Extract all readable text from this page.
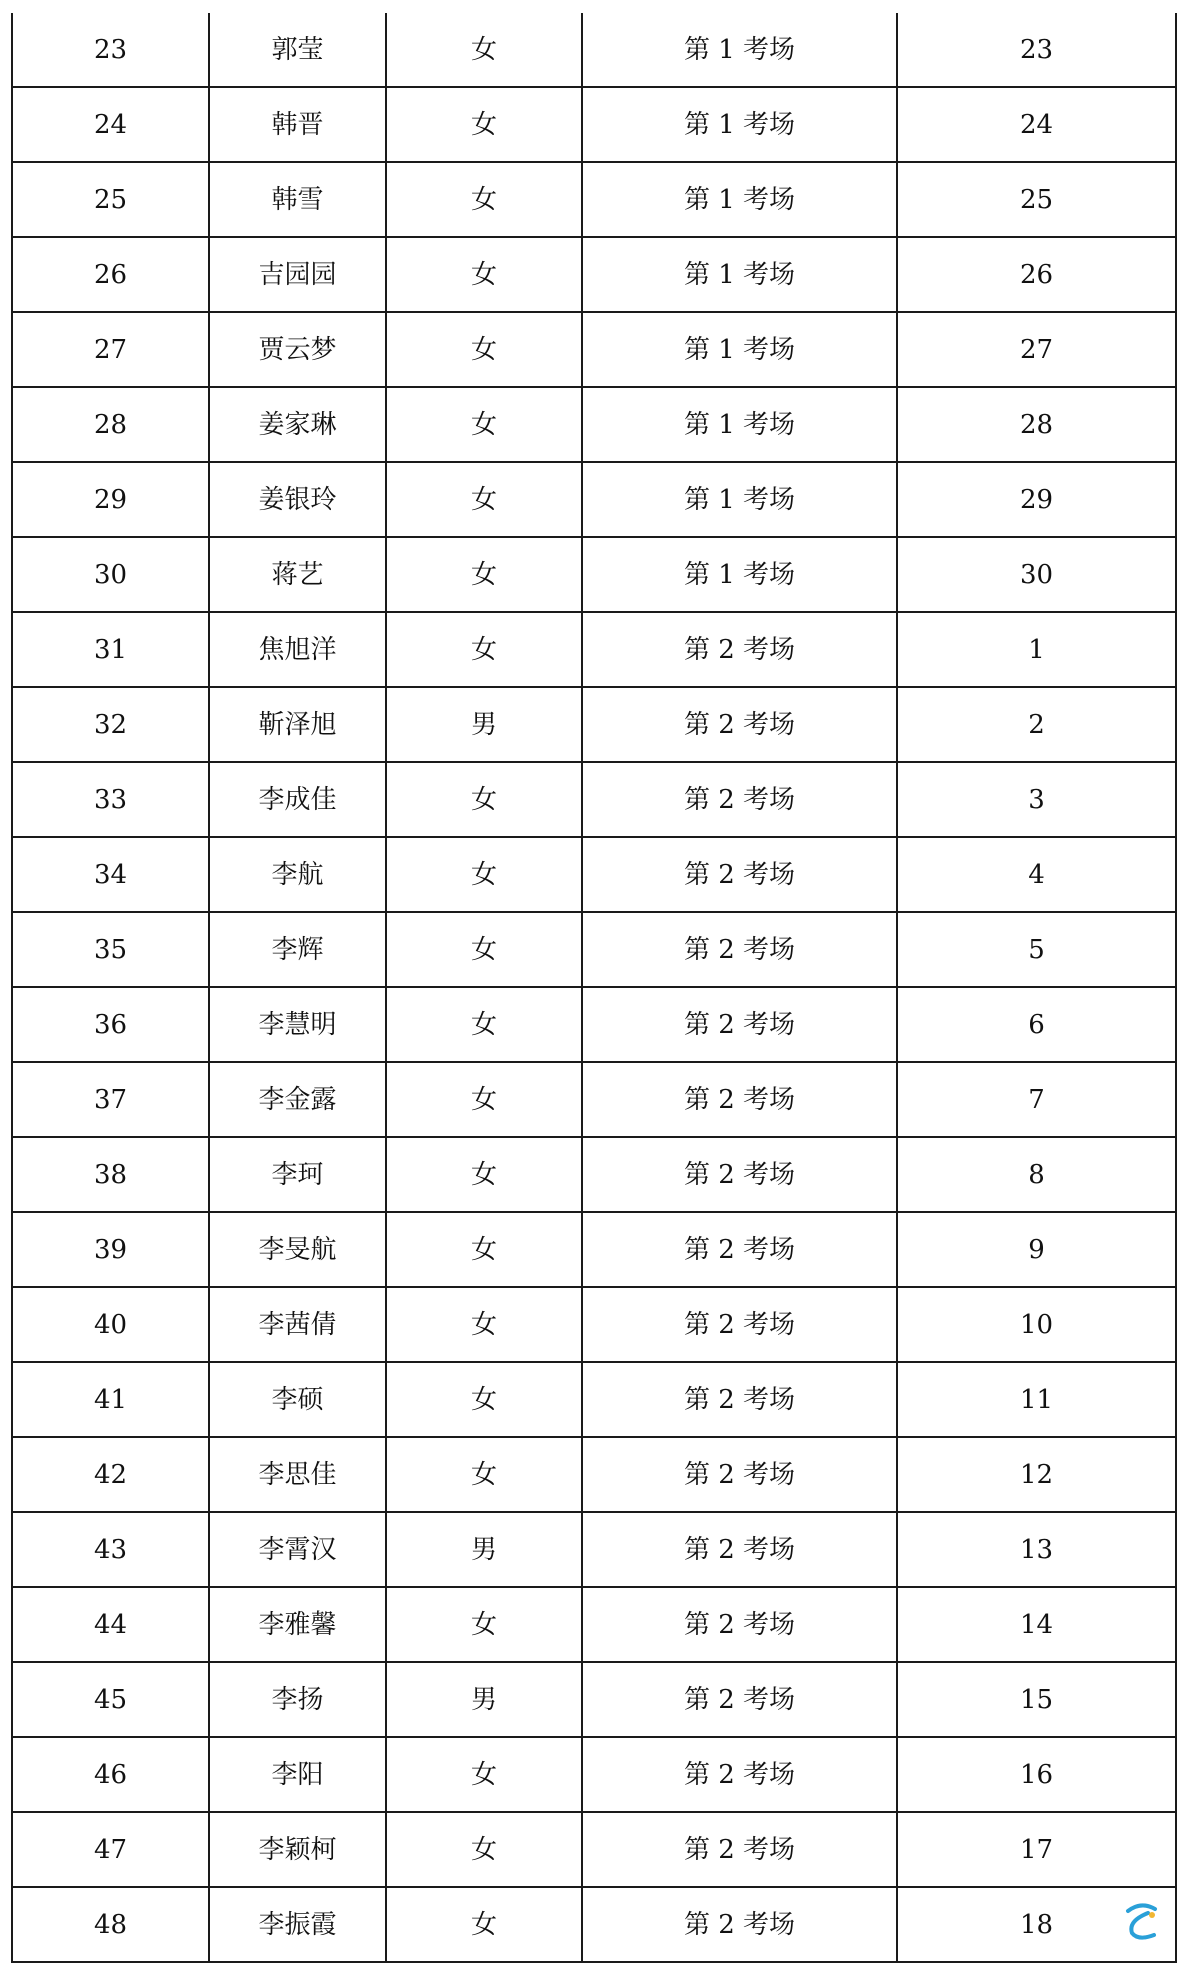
23	郭莹	女	第 1 考场	23
24	韩晋	女	第 1 考场	24
25	韩雪	女	第 1 考场	25
26	吉园园	女	第 1 考场	26
27	贾云梦	女	第 1 考场	27
28	姜家琳	女	第 1 考场	28
29	姜银玲	女	第 1 考场	29
30	蒋艺	女	第 1 考场	30
31	焦旭洋	女	第 2 考场	1
32	靳泽旭	男	第 2 考场	2
33	李成佳	女	第 2 考场	3
34	李航	女	第 2 考场	4
35	李辉	女	第 2 考场	5
36	李慧明	女	第 2 考场	6
37	李金露	女	第 2 考场	7
38	李珂	女	第 2 考场	8
39	李旻航	女	第 2 考场	9
40	李茜倩	女	第 2 考场	10
41	李硕	女	第 2 考场	11
42	李思佳	女	第 2 考场	12
43	李霄汉	男	第 2 考场	13
44	李雅馨	女	第 2 考场	14
45	李扬	男	第 2 考场	15
46	李阳	女	第 2 考场	16
47	李颖柯	女	第 2 考场	17
48	李振霞	女	第 2 考场	18
